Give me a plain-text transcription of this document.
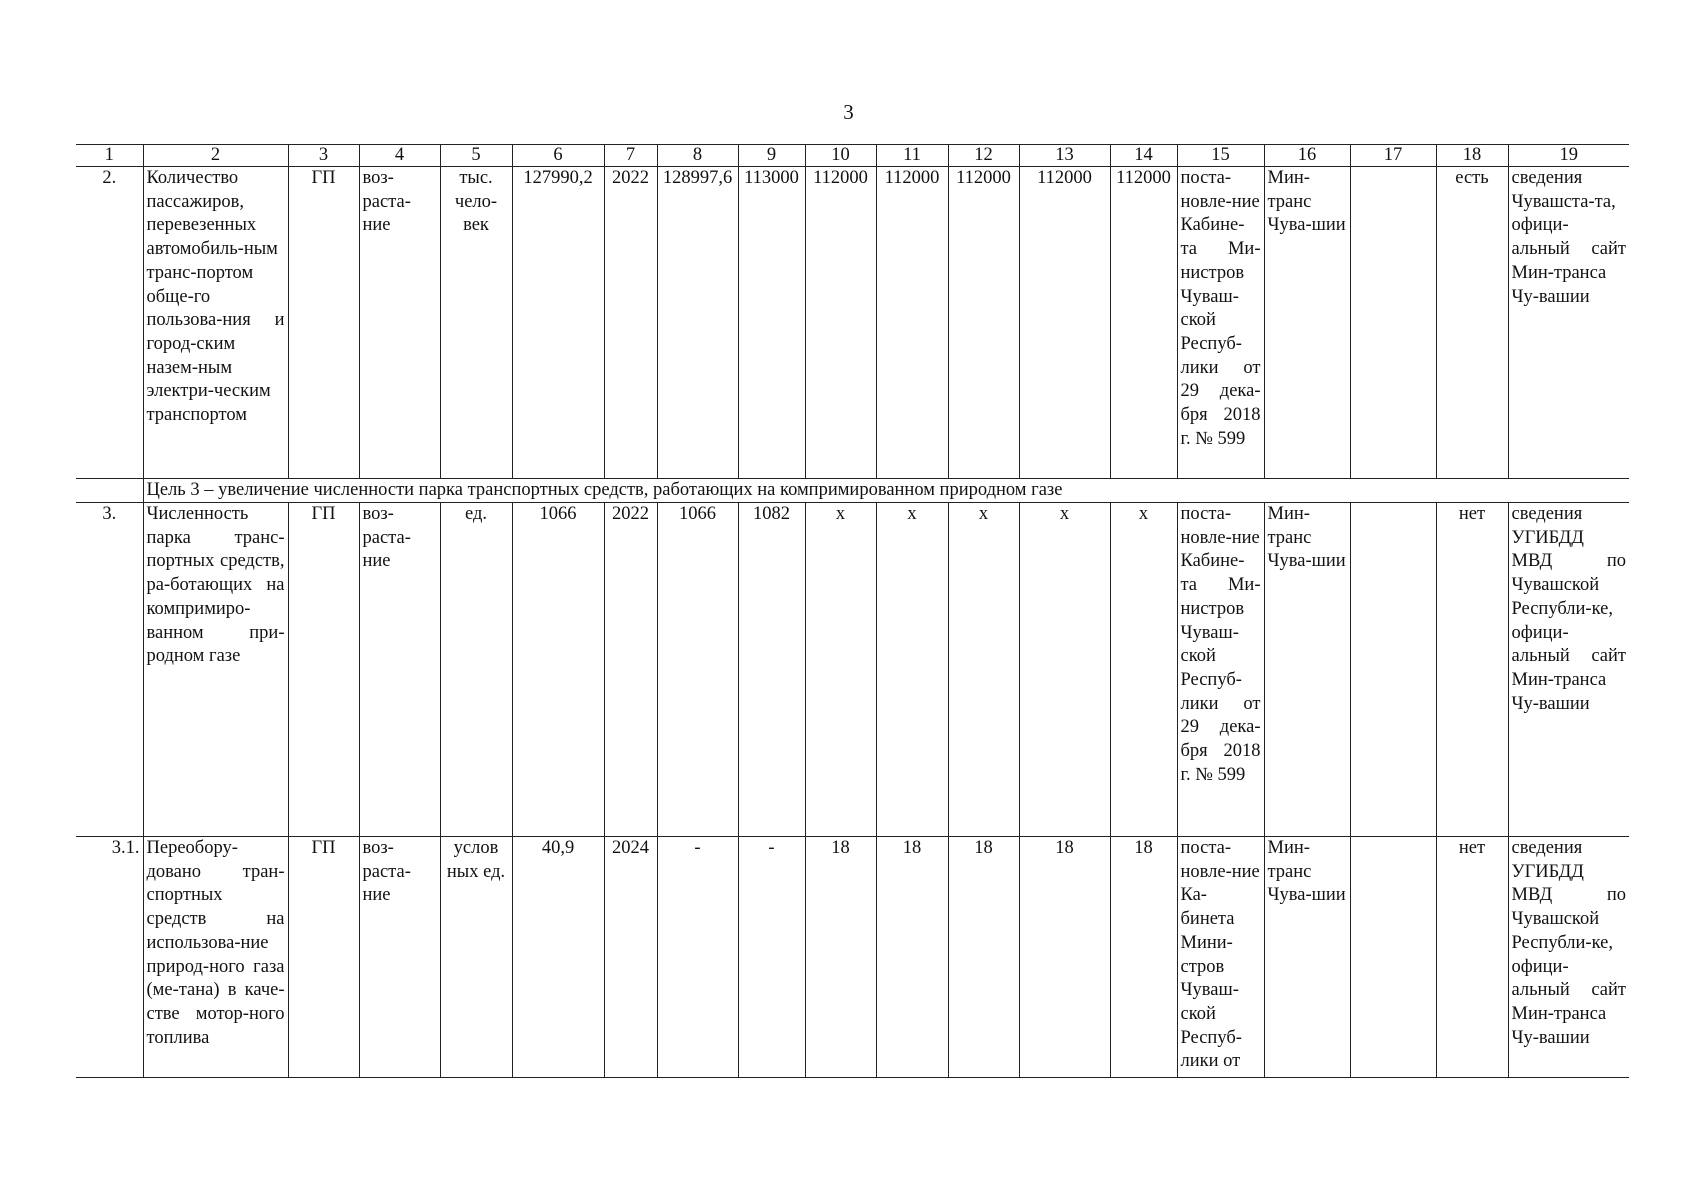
3
1	2	3	4	5	6	7	8	9	10	11	12	13	14	15	16	17	18	19
2.	Количество пассажиров, перевезенных автомобиль-ным транс-портом обще-го пользова-ния и город-ским назем-ным электри-ческим транспортом	ГП	воз-раста-ние	тыс. чело-век	127990,2	2022	128997,6	113000	112000	112000	112000	112000	112000	поста-новле-ние Кабине-та Ми-нистров Чуваш-ской Респуб-лики от 29 дека-бря 2018 г. № 599	Мин-транс Чува-шии		есть	сведения Чувашста-та, офици-альный сайт Мин-транса Чу-вашии
	Цель 3 – увеличение численности парка транспортных средств, работающих на компримированном природном газе																	
3.	Численность парка транс-портных средств, ра-ботающих на компримиро-ванном при-родном газе	ГП	воз-раста-ние	ед.	1066	2022	1066	1082	х	х	х	х	х	поста-новле-ние Кабине-та Ми-нистров Чуваш-ской Респуб-лики от 29 дека-бря 2018 г. № 599	Мин-транс Чува-шии		нет	сведения УГИБДД МВД по Чувашской Республи-ке, офици-альный сайт Мин-транса Чу-вашии
3.1.	Переобору-довано тран-спортных средств на использова-ние природ-ного газа (ме-тана) в каче-стве мотор-ного топлива	ГП	воз-раста-ние	услов ных ед.	40,9	2024	-	-	18	18	18	18	18	поста-новле-ние Ка-бинета Мини-стров Чуваш-ской Респуб-лики от	Мин-транс Чува-шии		нет	сведения УГИБДД МВД по Чувашской Республи-ке, офици-альный сайт Мин-транса Чу-вашии
